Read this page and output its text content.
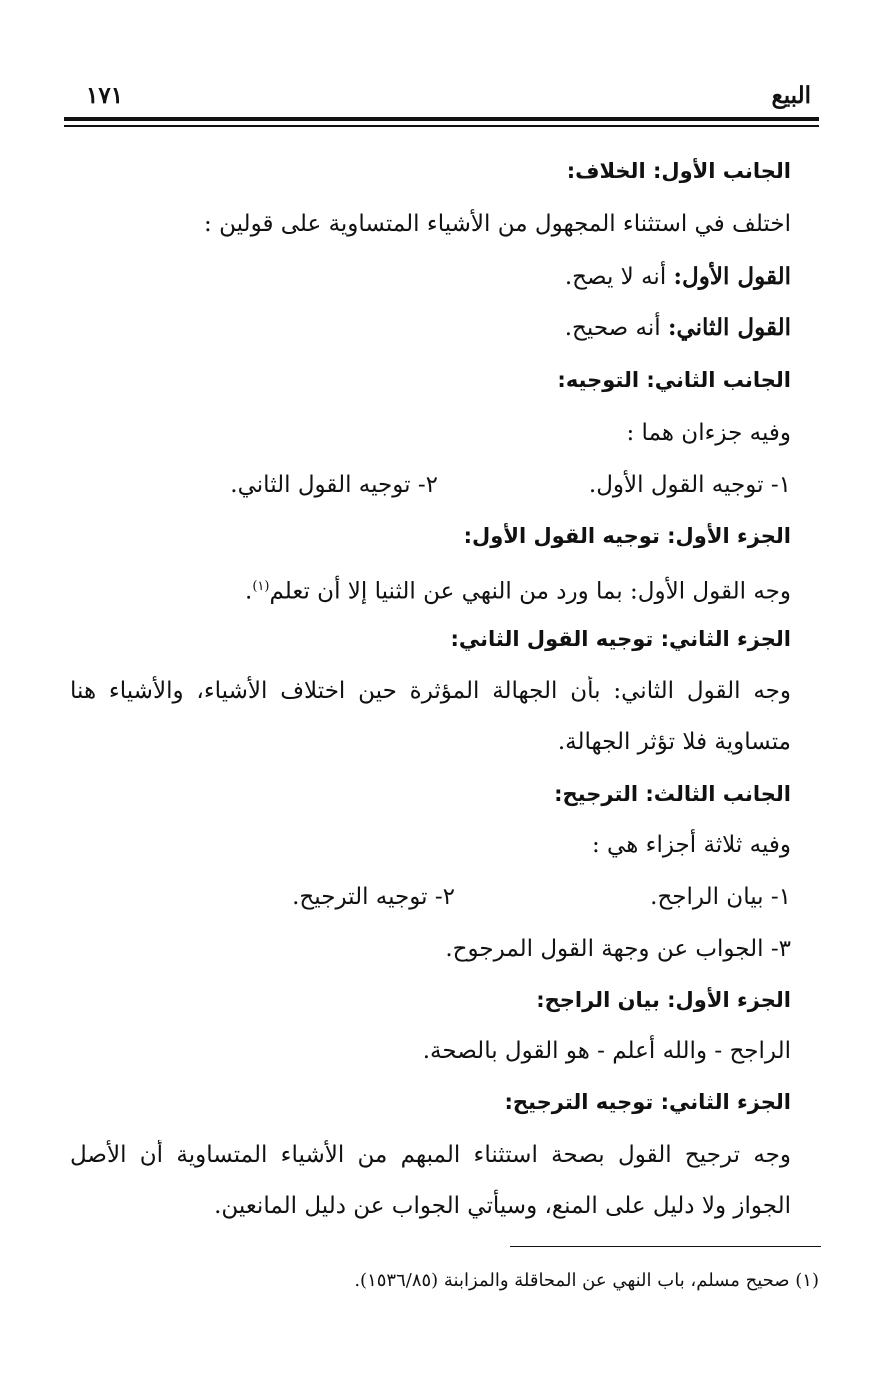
البيع
١٧١
الجانب الأول: الخلاف:
اختلف في استثناء المجهول من الأشياء المتساوية على قولين :
القول الأول: أنه لا يصح.
القول الثاني: أنه صحيح.
الجانب الثاني: التوجيه:
وفيه جزءان هما :
١- توجيه القول الأول.
٢- توجيه القول الثاني.
الجزء الأول: توجيه القول الأول:
وجه القول الأول: بما ورد من النهي عن الثنيا إلا أن تعلم$^{(١)}$.
الجزء الثاني: توجيه القول الثاني:
وجه القول الثاني: بأن الجهالة المؤثرة حين اختلاف الأشياء، والأشياء هنا
متساوية فلا تؤثر الجهالة.
الجانب الثالث: الترجيح:
وفيه ثلاثة أجزاء هي :
١- بيان الراجح.
٢- توجيه الترجيح.
٣- الجواب عن وجهة القول المرجوح.
الجزء الأول: بيان الراجح:
الراجح - والله أعلم - هو القول بالصحة.
الجزء الثاني: توجيه الترجيح:
وجه ترجيح القول بصحة استثناء المبهم من الأشياء المتساوية أن الأصل
الجواز ولا دليل على المنع، وسيأتي الجواب عن دليل المانعين.
(١) صحيح مسلم، باب النهي عن المحاقلة والمزابنة (١٥٣٦/٨٥).
